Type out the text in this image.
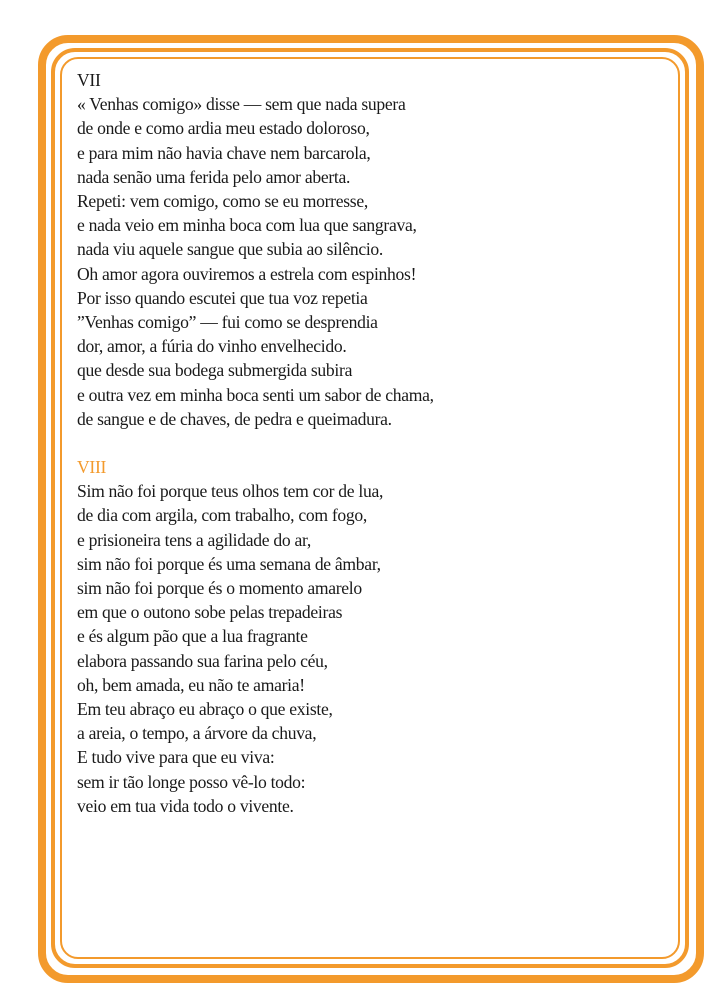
VII
« Venhas comigo» disse — sem que nada supera
de onde e como ardia meu estado doloroso,
e para mim não havia chave nem barcarola,
nada senão uma ferida pelo amor aberta.
Repeti: vem comigo, como se eu morresse,
e nada veio em minha boca com lua que sangrava,
nada viu aquele sangue que subia ao silêncio.
Oh amor agora ouviremos a estrela com espinhos!
Por isso quando escutei que tua voz repetia
”Venhas comigo” — fui como se desprendia
dor, amor, a fúria do vinho envelhecido.
que desde sua bodega submergida subira
e outra vez em minha boca senti um sabor de chama,
de sangue e de chaves, de pedra e queimadura.
VIII
Sim não foi porque teus olhos tem cor de lua,
de dia com argila, com trabalho, com fogo,
e prisioneira tens a agilidade do ar,
sim não foi porque és uma semana de âmbar,
sim não foi porque és o momento amarelo
em que o outono sobe pelas trepadeiras
e és algum pão que a lua fragrante
elabora passando sua farina pelo céu,
oh, bem amada, eu não te amaria!
Em teu abraço eu abraço o que existe,
a areia, o tempo, a árvore da chuva,
E tudo vive para que eu viva:
sem ir tão longe posso vê-lo todo:
veio em tua vida todo o vivente.
